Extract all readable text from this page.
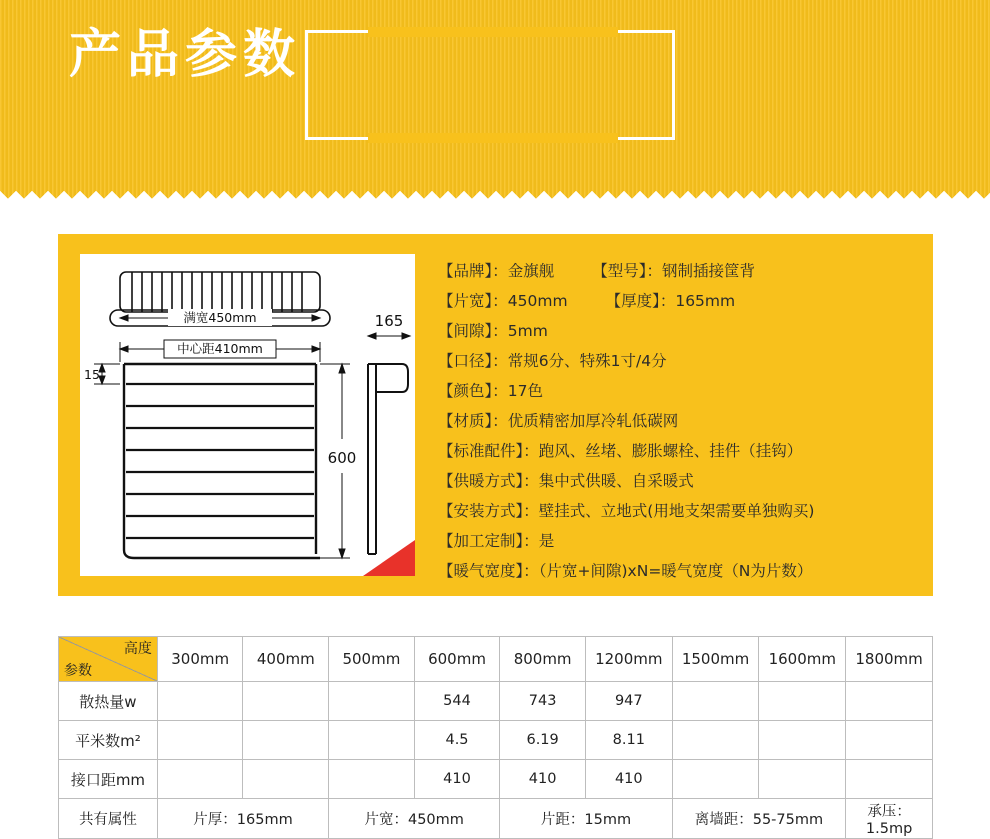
产品参数
满宽450mm
中心距410mm
15
600
165
【品牌】：金旗舰 【型号】：钢制插接筐背
【片宽】：450mm 【厚度】：165mm
【间隙】：5mm
【口径】：常规6分、特殊1寸/4分
【颜色】：17色
【材质】：优质精密加厚冷轧低碳网
【标准配件】：跑风、丝堵、膨胀螺栓、挂件（挂钩）
【供暖方式】：集中式供暖、自采暖式
【安装方式】：壁挂式、立地式(用地支架需要单独购买)
【加工定制】：是
【暖气宽度】：（片宽+间隙)xN=暖气宽度（N为片数）
高度
参数	300mm	400mm	500mm	600mm	800mm	1200mm	1500mm	1600mm	1800mm
散热量w				544	743	947			
平米数m²				4.5	6.19	8.11			
接口距mm				410	410	410			
共有属性	片厚：165mm		片宽：450mm		片距：15mm		离墙距：55-75mm		承压：1.5mp
